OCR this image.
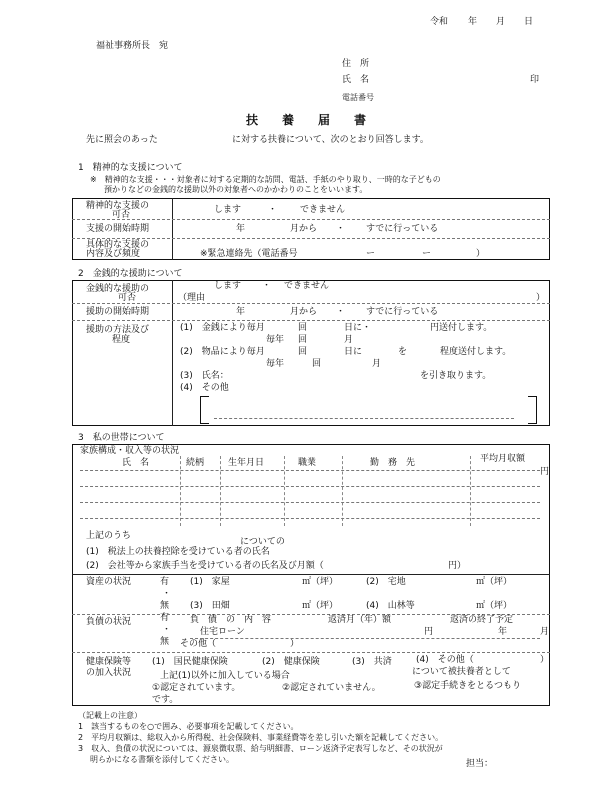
令和 年 月 日
福祉事務所長　宛
住　所
氏　名	印
電話番号
扶　養　届　書
先に照会のあった	に対する扶養について、次のとおり回答します。
1　精神的な支援について
※　精神的な支援・・・対象者に対する定期的な訪問、電話、手紙のやり取り、一時的な子どもの
預かりなどの金銭的な援助以外の対象者へのかかわりのことをいいます。
精神的な支援の
可否	します	・	できません
支援の開始時期	年	月から ・ すでに行っている
具体的な支援の
内容及び頻度	※緊急連絡先（電話番号	ー	ー	）
2　金銭的な援助について
金銭的な援助の
可否
します ・ できません
（理由	）
援助の開始時期	年	月から ・ すでに行っている
援助の方法及び
程度
(1)　金銭により毎月	回	日に・	円送付します。
毎年 回	月
(2)　物品により毎月	回	日に	を	程度送付します。
毎年	回	月
(3)　氏名：	を引き取ります。
(4)　その他
3　私の世帯について
家族構成・収入等の状況
氏　名	続柄	生年月日	職業	勤　務　先	平均月収額
円
上記のうち
についての
(1)　税法上の扶養控除を受けている者の氏名
(2)　会社等から家族手当を受けている者の氏名及び月額（	円）
資産の状況	有
・
無
(1)　家屋	㎡（坪）	(2)　宅地	㎡（坪）
(3)　田畑	㎡（坪）	(4)　山林等	㎡（坪）
負債の状況	有
・
無
負　債　の　内　容	返済月（年）額	返済の終了予定
住宅ローン	円	年	月
その他（	）
健康保険等
の加入状況
(1)　国民健康保険	(2)　健康保険	(3)　共済	(4)　その他（	）
上記(1)以外に加入している場合	について被扶養者として
①認定されています。	②認定されていません。	③認定手続きをとるつもり
です。
（記載上の注意）
1　該当するものを○で囲み、必要事項を記載してください。
2　平均月収額は、総収入から所得税、社会保険料、事業経費等を差し引いた額を記載してください。
3　収入、負債の状況については、源泉徴収票、給与明細書、ローン返済予定表写しなど、その状況が
明らかになる書類を添付してください。	担当：
